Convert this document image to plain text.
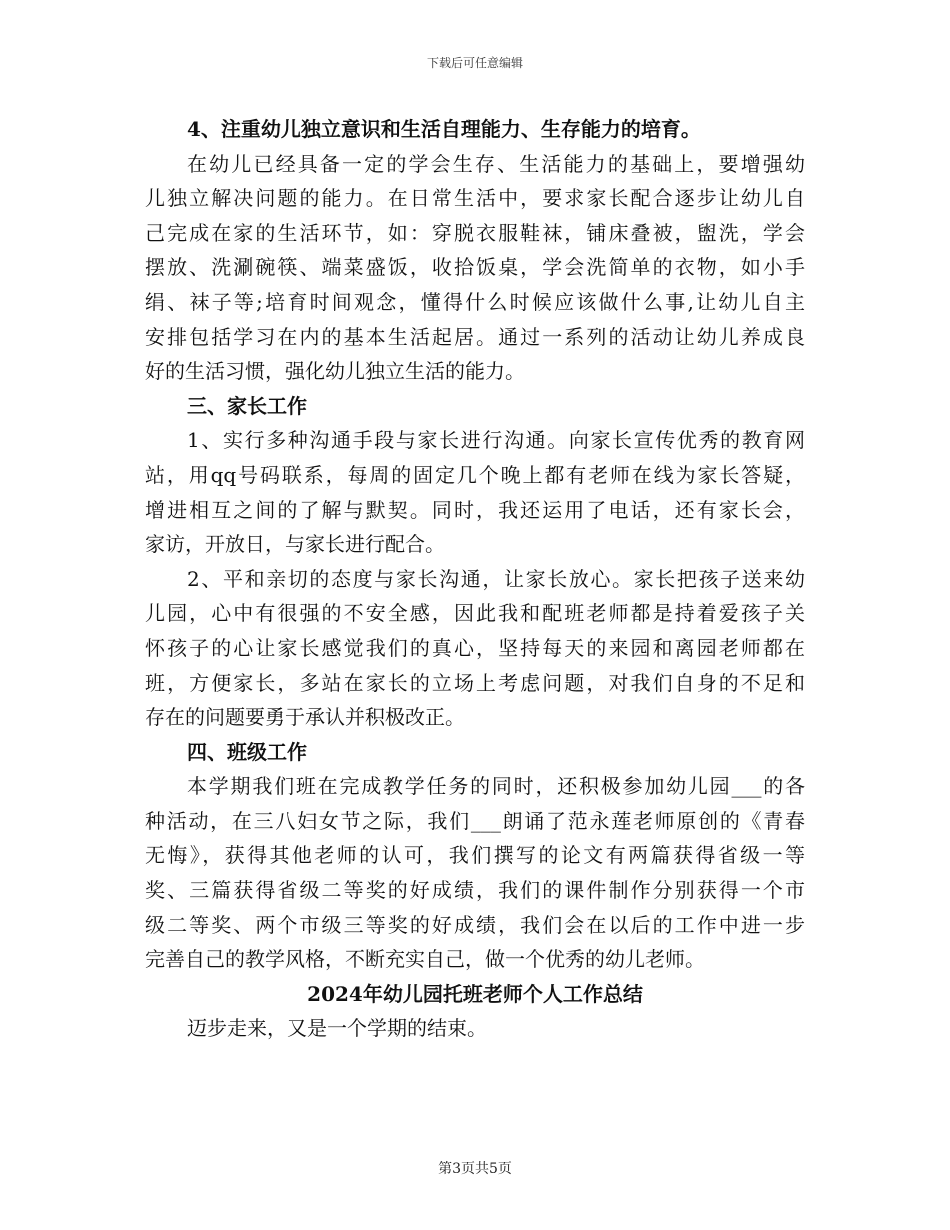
下载后可任意编辑
4、注重幼儿独立意识和生活自理能力、生存能力的培育。
在幼儿已经具备一定的学会生存、生活能力的基础上，要增强幼
儿独立解决问题的能力。在日常生活中，要求家长配合逐步让幼儿自
己完成在家的生活环节，如：穿脱衣服鞋袜，铺床叠被，盥洗，学会
摆放、洗涮碗筷、端菜盛饭，收拾饭桌，学会洗简单的衣物，如小手
绢、袜子等;培育时间观念，懂得什么时候应该做什么事,让幼儿自主
安排包括学习在内的基本生活起居。通过一系列的活动让幼儿养成良
好的生活习惯，强化幼儿独立生活的能力。
三、家长工作
1、实行多种沟通手段与家长进行沟通。向家长宣传优秀的教育网
站，用qq号码联系，每周的固定几个晚上都有老师在线为家长答疑，
增进相互之间的了解与默契。同时，我还运用了电话，还有家长会，
家访，开放日，与家长进行配合。
2、平和亲切的态度与家长沟通，让家长放心。家长把孩子送来幼
儿园，心中有很强的不安全感，因此我和配班老师都是持着爱孩子关
怀孩子的心让家长感觉我们的真心，坚持每天的来园和离园老师都在
班，方便家长，多站在家长的立场上考虑问题，对我们自身的不足和
存在的问题要勇于承认并积极改正。
四、班级工作
本学期我们班在完成教学任务的同时，还积极参加幼儿园___的各
种活动，在三八妇女节之际，我们___朗诵了范永莲老师原创的《青春
无悔》，获得其他老师的认可，我们撰写的论文有两篇获得省级一等
奖、三篇获得省级二等奖的好成绩，我们的课件制作分别获得一个市
级二等奖、两个市级三等奖的好成绩，我们会在以后的工作中进一步
完善自己的教学风格，不断充实自己，做一个优秀的幼儿老师。
2024年幼儿园托班老师个人工作总结
迈步走来，又是一个学期的结束。
第3页共5页
